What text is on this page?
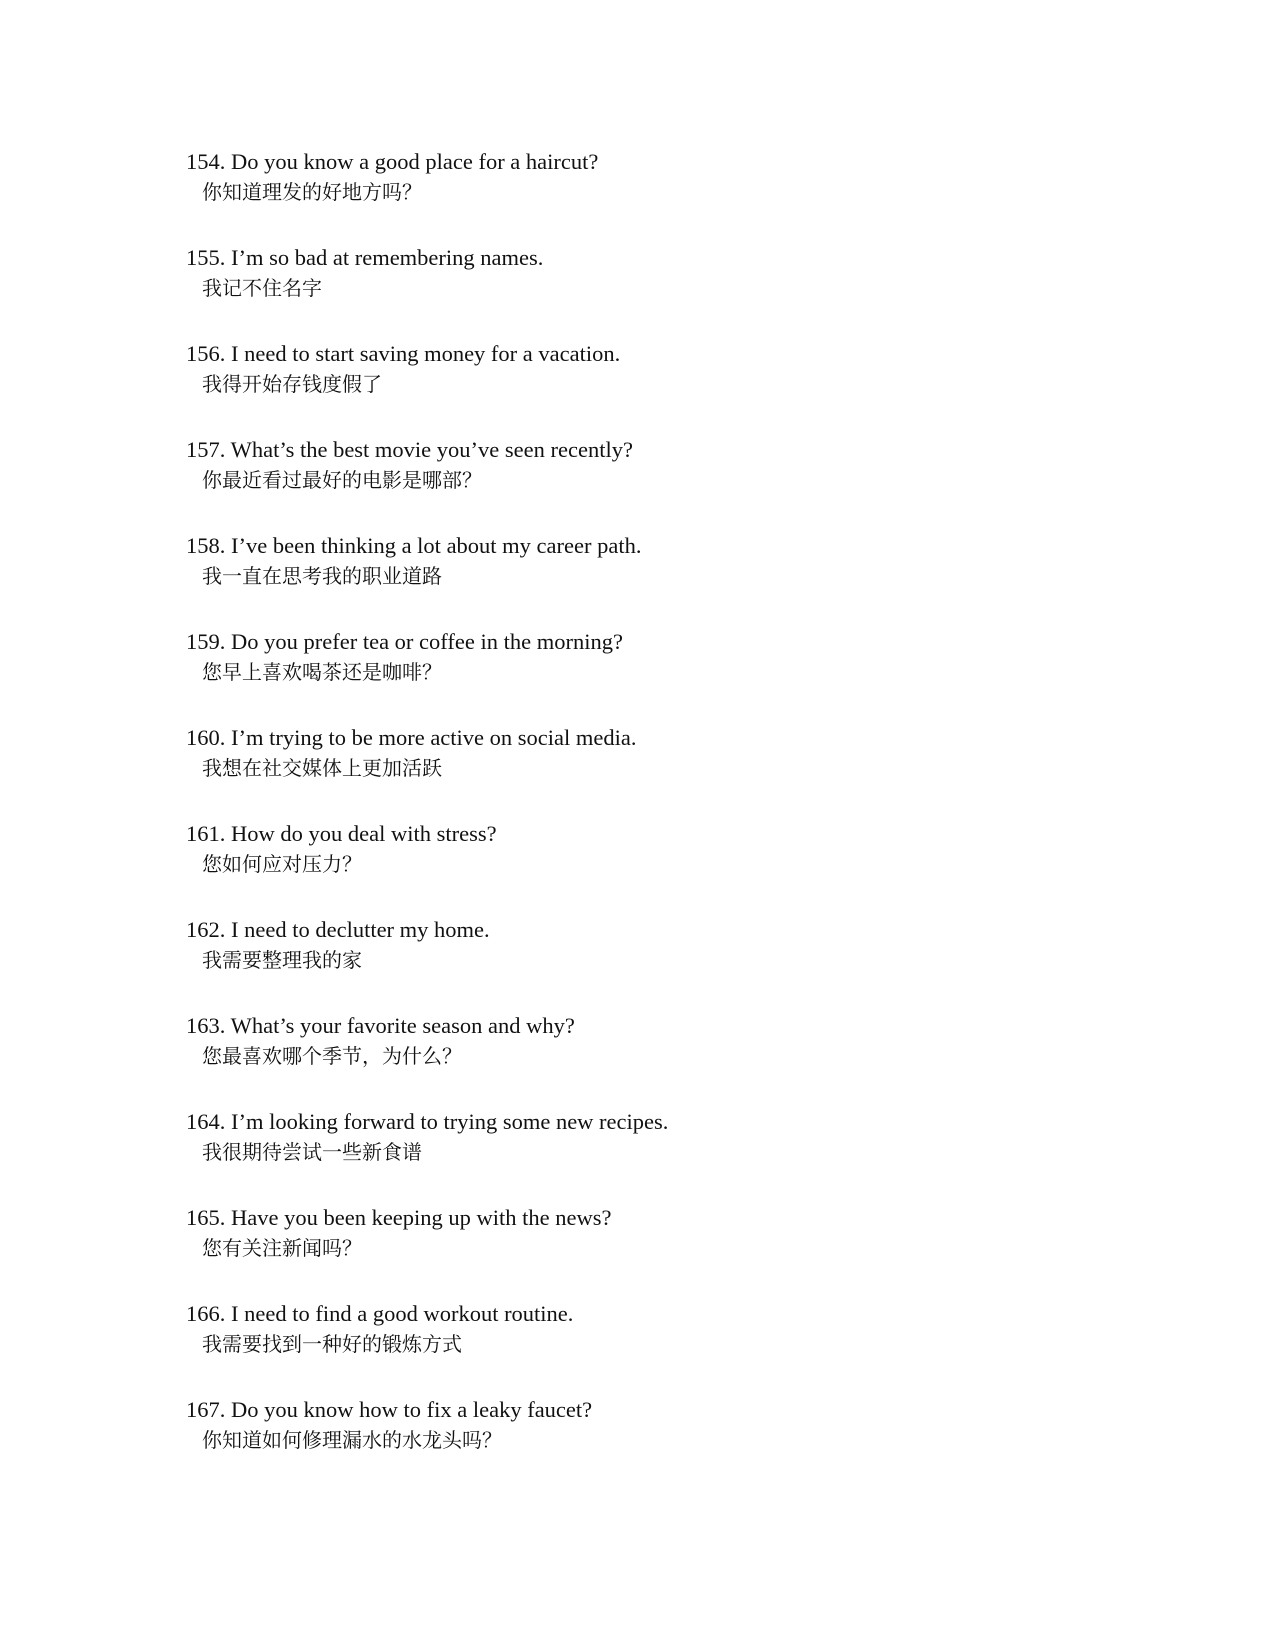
154. Do you know a good place for a haircut?
你知道理发的好地方吗？
155. I’m so bad at remembering names.
我记不住名字
156. I need to start saving money for a vacation.
我得开始存钱度假了
157. What’s the best movie you’ve seen recently?
你最近看过最好的电影是哪部？
158. I’ve been thinking a lot about my career path.
我一直在思考我的职业道路
159. Do you prefer tea or coffee in the morning?
您早上喜欢喝茶还是咖啡？
160. I’m trying to be more active on social media.
我想在社交媒体上更加活跃
161. How do you deal with stress?
您如何应对压力？
162. I need to declutter my home.
我需要整理我的家
163. What’s your favorite season and why?
您最喜欢哪个季节，为什么？
164. I’m looking forward to trying some new recipes.
我很期待尝试一些新食谱
165. Have you been keeping up with the news?
您有关注新闻吗？
166. I need to find a good workout routine.
我需要找到一种好的锻炼方式
167. Do you know how to fix a leaky faucet?
你知道如何修理漏水的水龙头吗？
